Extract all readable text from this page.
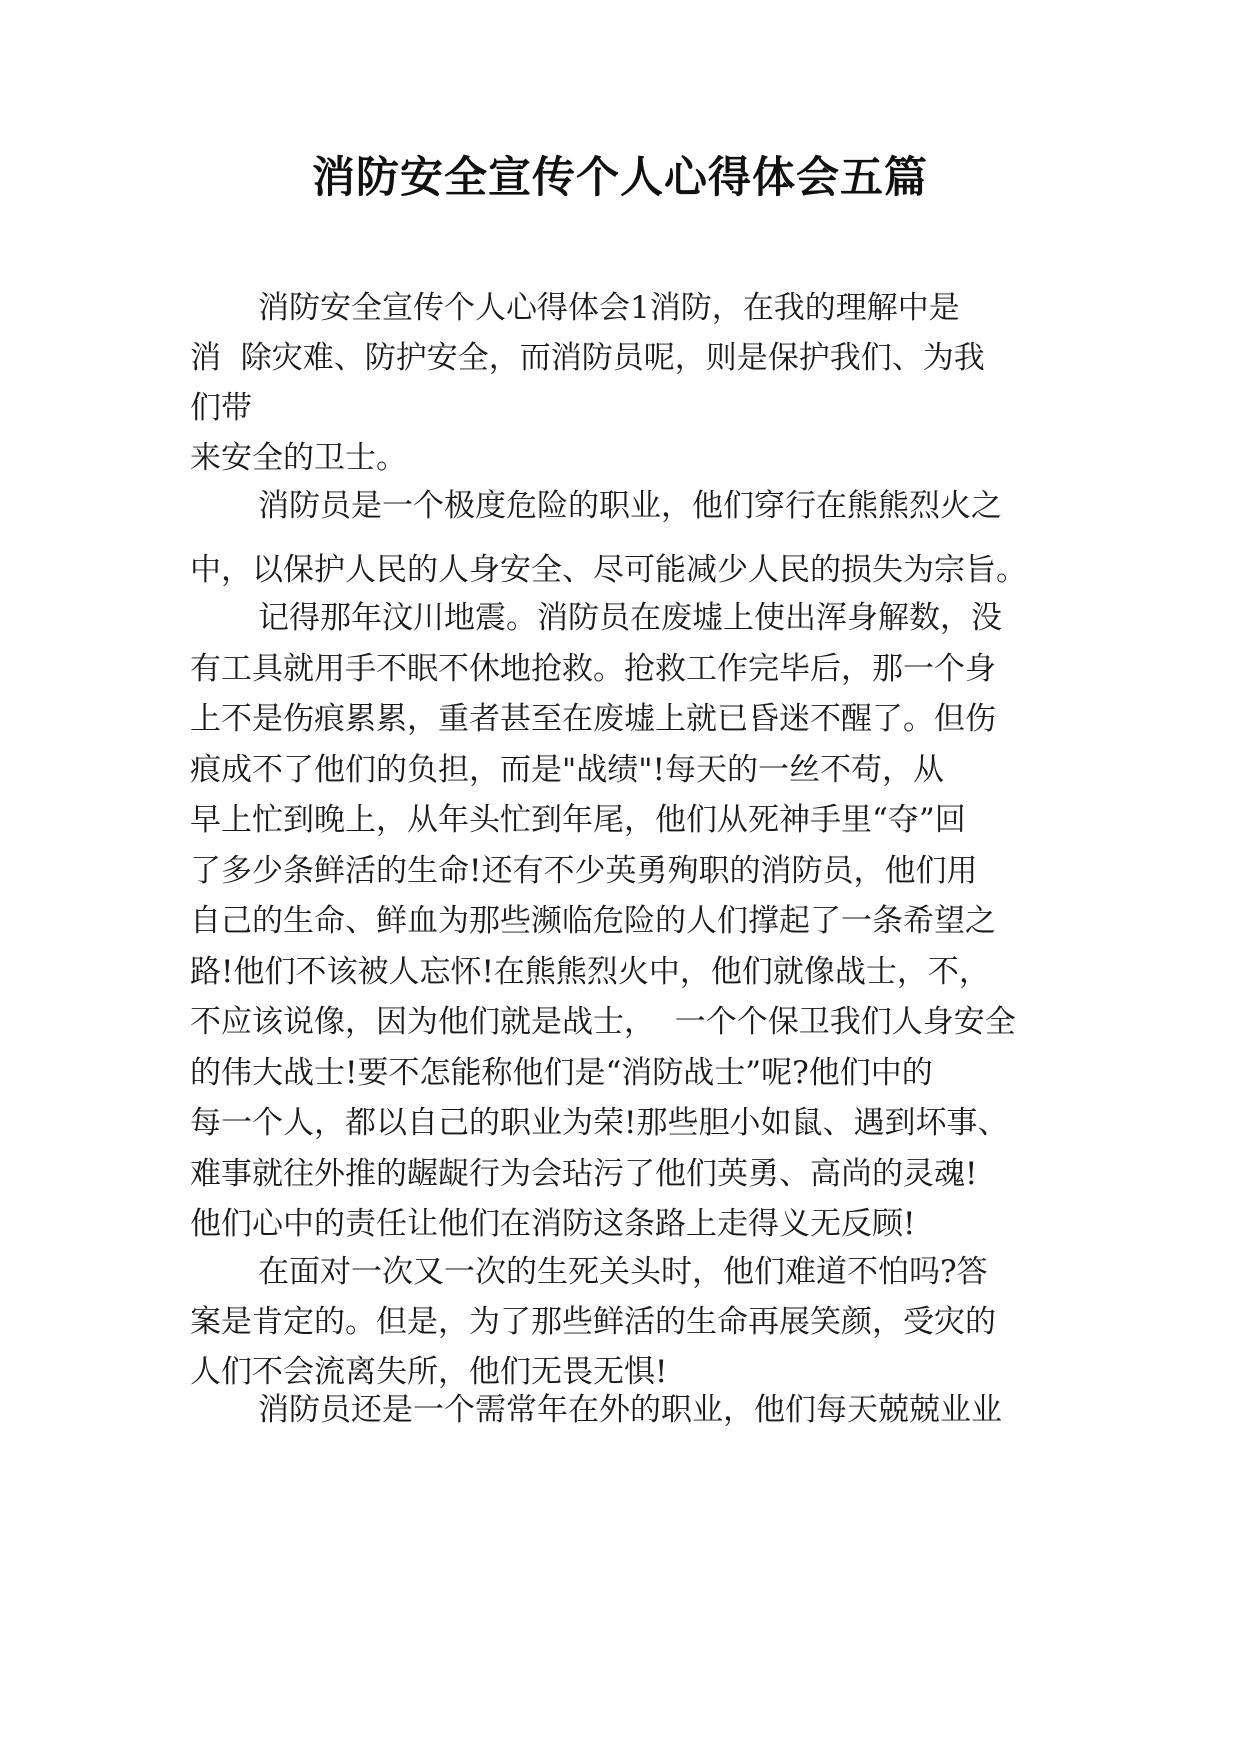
消防安全宣传个人心得体会五篇
消防安全宣传个人心得体会1消防，在我的理解中是
消  除灾难、防护安全，而消防员呢，则是保护我们、为我
们带
来安全的卫士。
消防员是一个极度危险的职业，他们穿行在熊熊烈火之
中，以保护人民的人身安全、尽可能减少人民的损失为宗旨。
记得那年汶川地震。消防员在废墟上使出浑身解数，没
有工具就用手不眠不休地抢救。抢救工作完毕后，那一个身
上不是伤痕累累，重者甚至在废墟上就已昏迷不醒了。但伤
痕成不了他们的负担，而是"战绩"!每天的一丝不苟，从
早上忙到晚上，从年头忙到年尾，他们从死神手里“夺”回
了多少条鲜活的生命!还有不少英勇殉职的消防员，他们用
自己的生命、鲜血为那些濒临危险的人们撑起了一条希望之
路!他们不该被人忘怀!在熊熊烈火中，他们就像战士，不，
不应该说像，因为他们就是战士，  一个个保卫我们人身安全
的伟大战士!要不怎能称他们是“消防战士”呢?他们中的
每一个人，都以自己的职业为荣!那些胆小如鼠、遇到坏事、
难事就往外推的龌龊行为会玷污了他们英勇、高尚的灵魂!
他们心中的责任让他们在消防这条路上走得义无反顾!
在面对一次又一次的生死关头时，他们难道不怕吗?答
案是肯定的。但是，为了那些鲜活的生命再展笑颜，受灾的
人们不会流离失所，他们无畏无惧!
消防员还是一个需常年在外的职业，他们每天兢兢业业
